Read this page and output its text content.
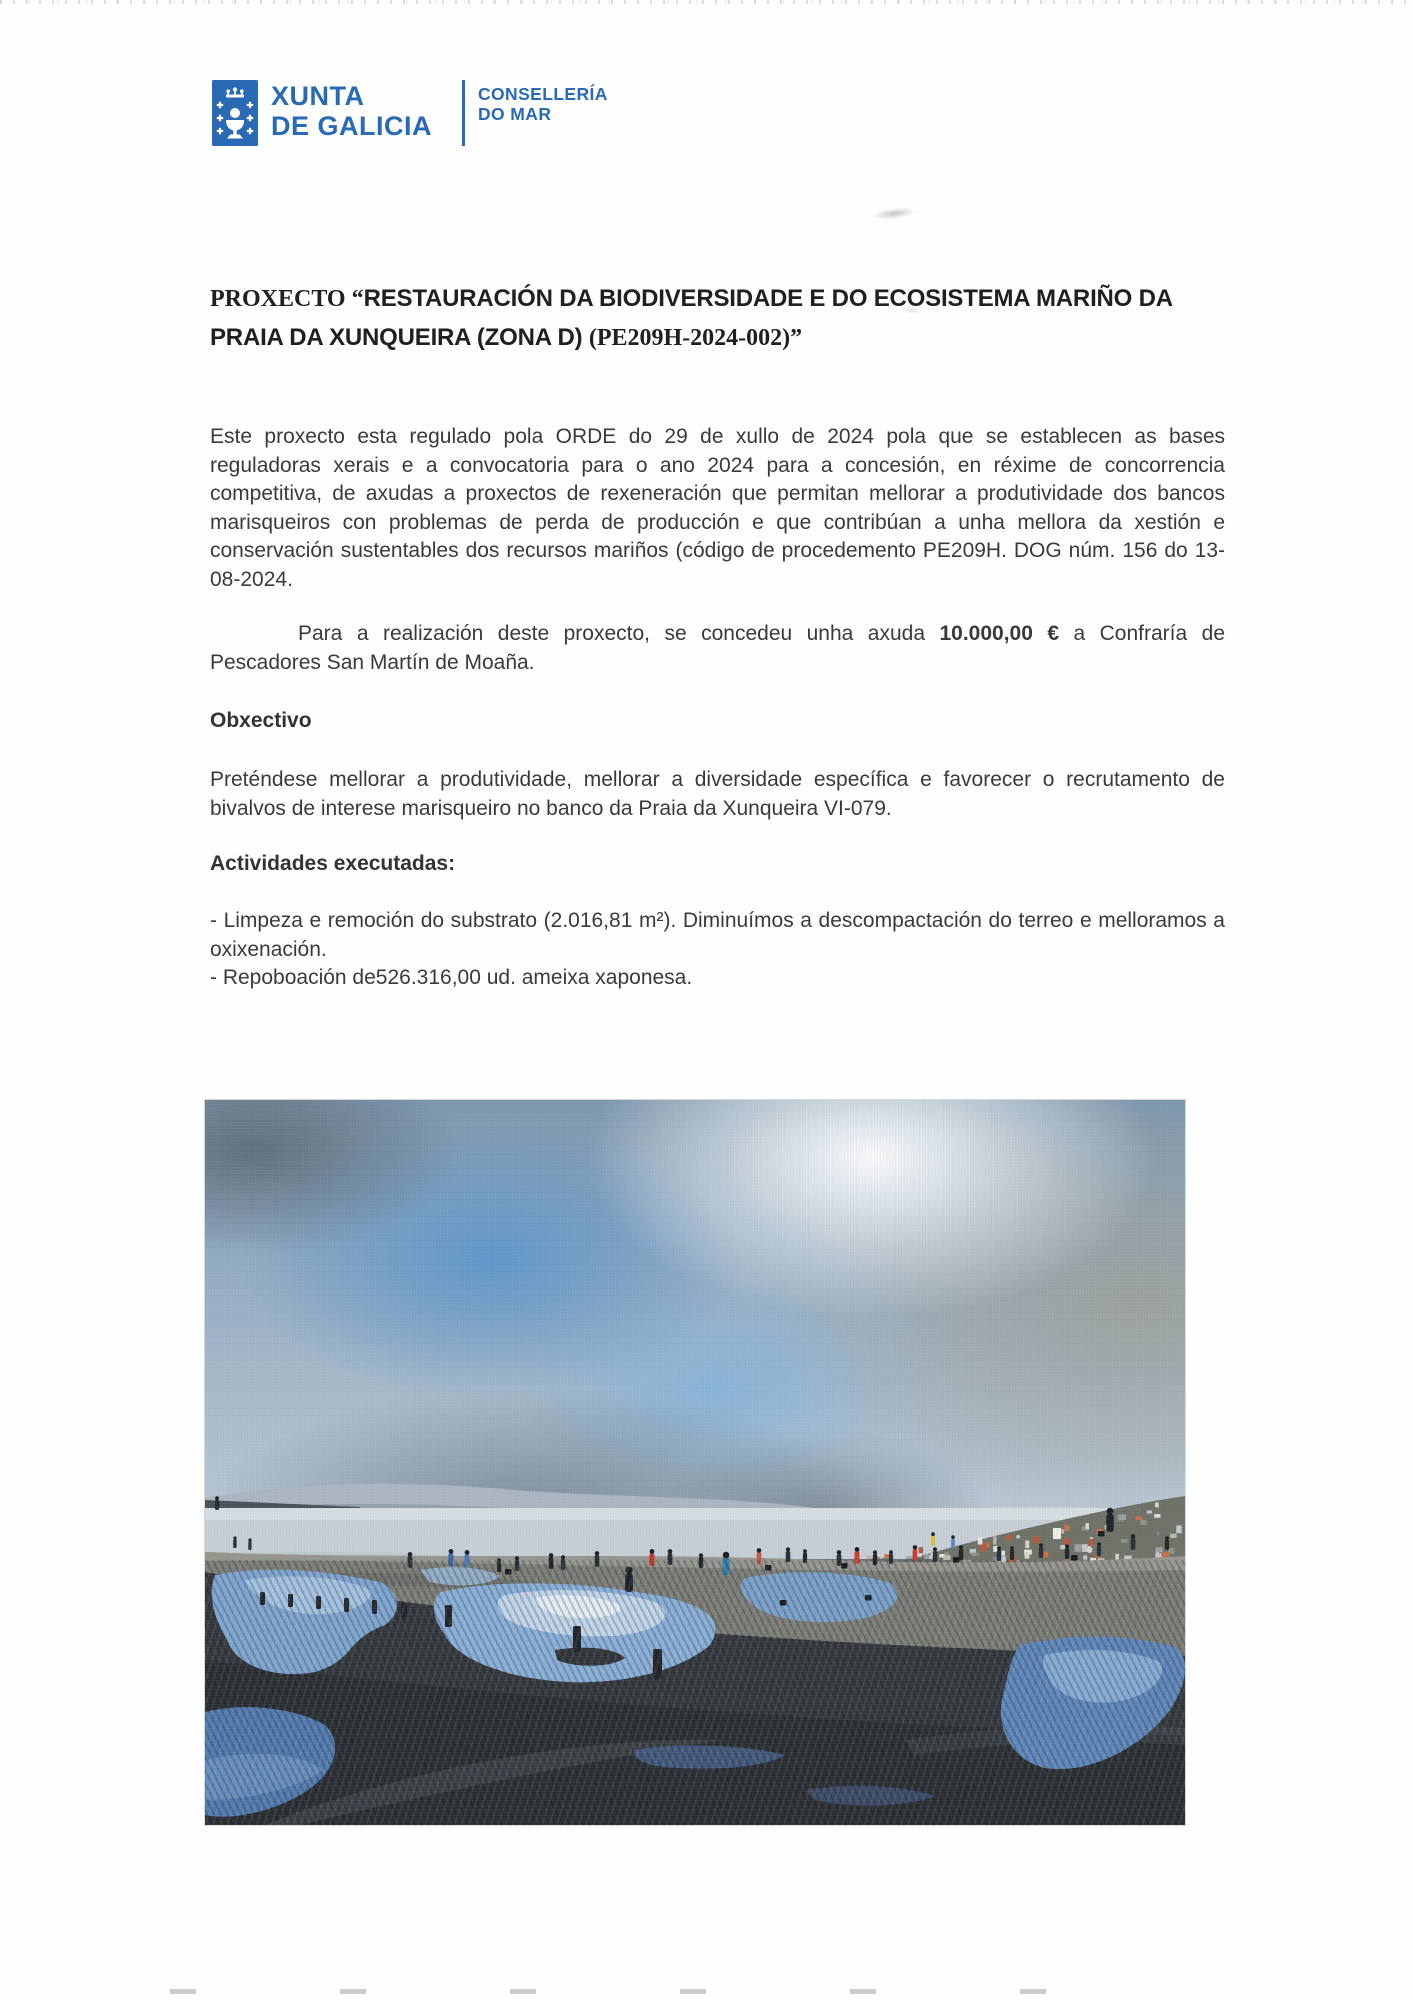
XUNTA
DE GALICIA
CONSELLERÍA
DO MAR
PROXECTO “RESTAURACIÓN DA BIODIVERSIDADE E DO ECOSISTEMA MARIÑO DA
PRAIA DA XUNQUEIRA (ZONA D) (PE209H-2024-002)”

Este proxecto esta regulado pola ORDE do 29 de xullo de 2024 pola que se establecen as bases reguladoras xerais e a convocatoria para o ano 2024 para a concesión, en réxime de concorrencia competitiva, de axudas a proxectos de rexeneración que permitan mellorar a produtividade dos bancos marisqueiros con problemas de perda de producción e que contribúan a unha mellora da xestión e conservación sustentables dos recursos mariños (código de procedemento PE209H. DOG núm. 156 do 13-08-2024.

Para a realización deste proxecto, se concedeu unha axuda 10.000,00 € a Confraría de Pescadores San Martín de Moaña.

Obxectivo

Preténdese mellorar a produtividade, mellorar a diversidade específica e favorecer o recrutamento de bivalvos de interese marisqueiro no banco da Praia da Xunqueira VI-079.

Actividades executadas:

- Limpeza e remoción do substrato (2.016,81 m²). Diminuímos a descompactación do terreo e melloramos a oxixenación.

- Repoboación de526.316,00 ud. ameixa xaponesa.
